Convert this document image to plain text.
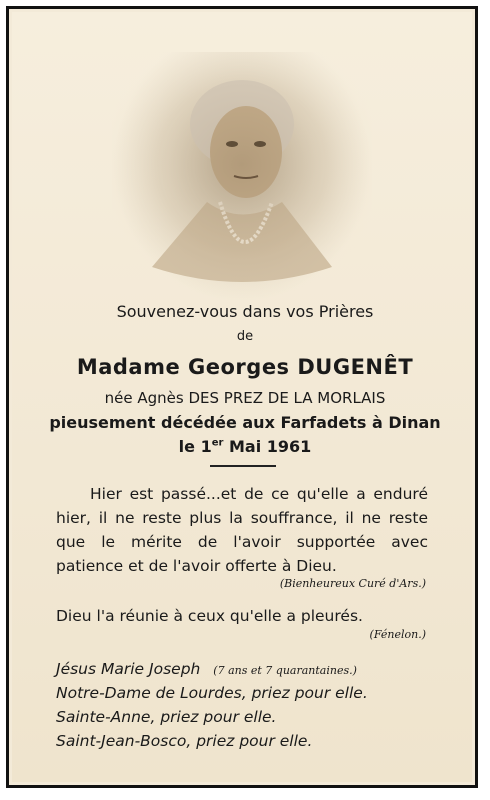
Souvenez-vous dans vos Prières
de
Madame Georges DUGENÊT
née Agnès DES PREZ DE LA MORLAIS
pieusement décédée aux Farfadets à Dinan
le 1er Mai 1961
Hier est passé...et de ce qu'elle a enduré hier, il ne reste plus la souffrance, il ne reste que le mérite de l'avoir supportée avec patience et de l'avoir offerte à Dieu.
(Bienheureux Curé d'Ars.)
Dieu l'a réunie à ceux qu'elle a pleurés.
(Fénelon.)
Jésus Marie Joseph (7 ans et 7 quarantaines.)
Notre-Dame de Lourdes, priez pour elle.
Sainte-Anne, priez pour elle.
Saint-Jean-Bosco, priez pour elle.
